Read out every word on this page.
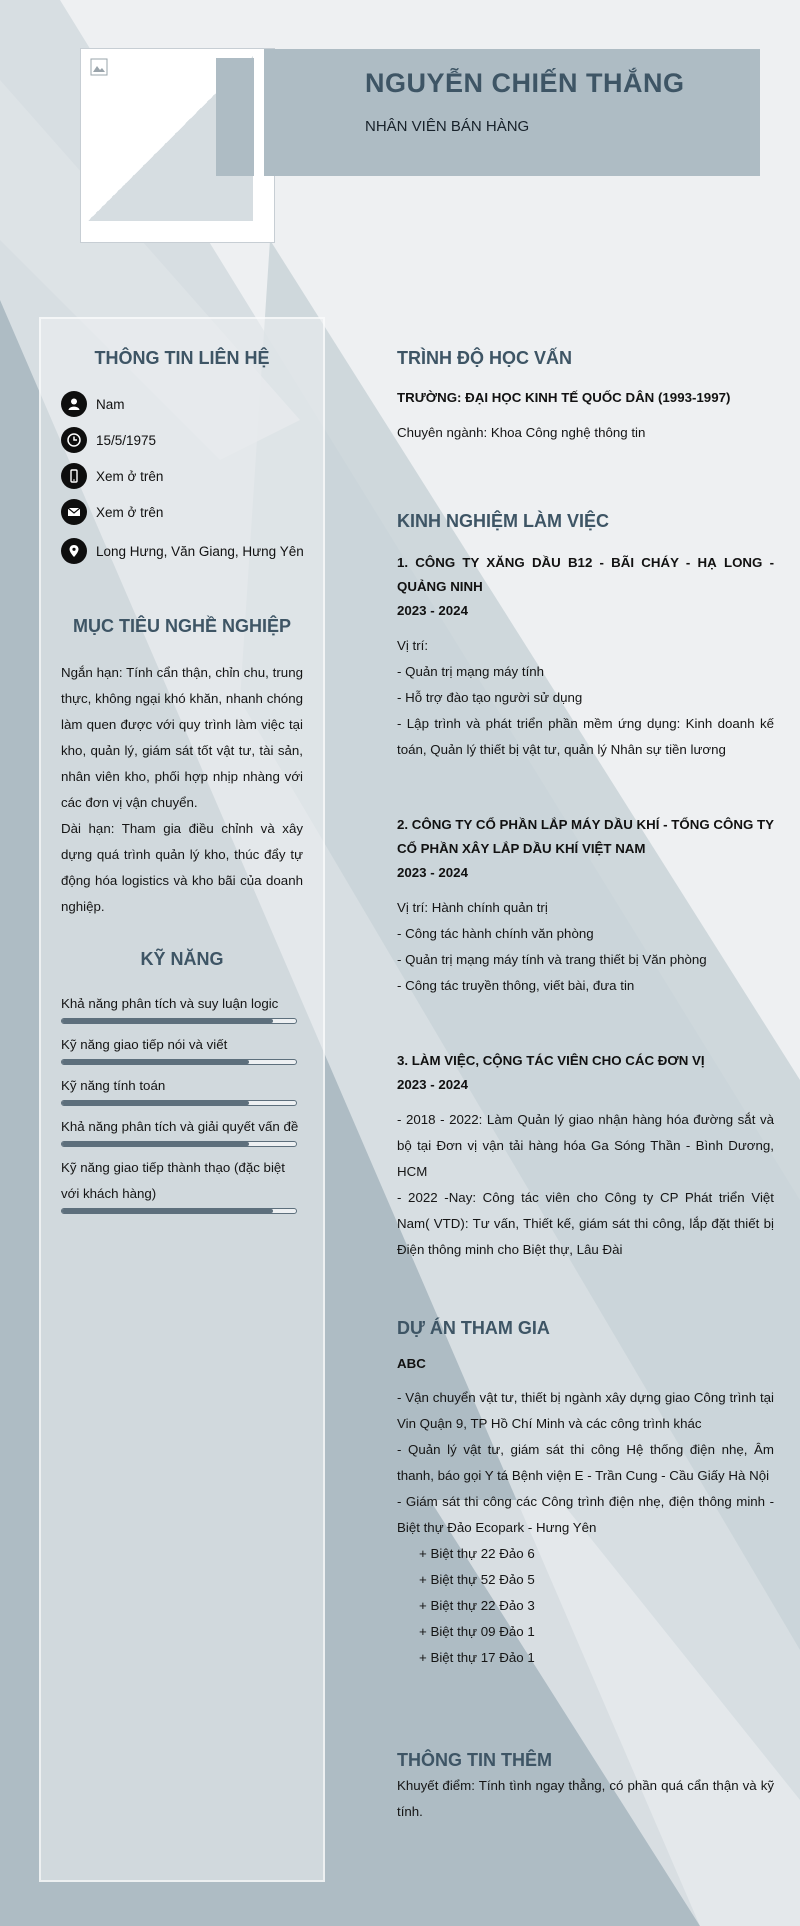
NGUYỄN CHIẾN THẮNG
NHÂN VIÊN BÁN HÀNG
THÔNG TIN LIÊN HỆ
Nam
15/5/1975
Xem ở trên
Xem ở trên
Long Hưng, Văn Giang, Hưng Yên
MỤC TIÊU NGHỀ NGHIỆP
Ngắn hạn: Tính cẩn thận, chỉn chu, trung thực, không ngại khó khăn, nhanh chóng làm quen được với quy trình làm việc tại kho, quản lý, giám sát tốt vật tư, tài sản, nhân viên kho, phối hợp nhịp nhàng với các đơn vị vận chuyển.
Dài hạn: Tham gia điều chỉnh và xây dựng quá trình quản lý kho, thúc đẩy tự động hóa logistics và kho bãi của doanh nghiệp.
KỸ NĂNG
Khả năng phân tích và suy luận logic
Kỹ năng giao tiếp nói và viết
Kỹ năng tính toán
Khả năng phân tích và giải quyết vấn đề
Kỹ năng giao tiếp thành thạo (đặc biệt với khách hàng)
TRÌNH ĐỘ HỌC VẤN
TRƯỜNG: ĐẠI HỌC KINH TẾ QUỐC DÂN (1993-1997)
Chuyên ngành: Khoa Công nghệ thông tin
KINH NGHIỆM LÀM VIỆC
1. CÔNG TY XĂNG DẦU B12 - BÃI CHÁY - HẠ LONG - QUẢNG NINH
2023 - 2024
Vị trí:
- Quản trị mạng máy tính
- Hỗ trợ đào tạo người sử dụng
- Lập trình và phát triển phần mềm ứng dụng: Kinh doanh kế toán, Quản lý thiết bị vật tư, quản lý Nhân sự tiền lương
2. CÔNG TY CỔ PHẦN LẮP MÁY DẦU KHÍ - TỔNG CÔNG TY CỔ PHẦN XÂY LẮP DẦU KHÍ VIỆT NAM
2023 - 2024
Vị trí: Hành chính quản trị
- Công tác hành chính văn phòng
- Quản trị mạng máy tính và trang thiết bị Văn phòng
- Công tác truyền thông, viết bài, đưa tin
3. LÀM VIỆC, CỘNG TÁC VIÊN CHO CÁC ĐƠN VỊ
2023 - 2024
- 2018 - 2022: Làm Quản lý giao nhận hàng hóa đường sắt và bộ tại Đơn vị vận tải hàng hóa Ga Sóng Thần - Bình Dương, HCM
- 2022 -Nay: Công tác viên cho Công ty CP Phát triển Việt Nam( VTD): Tư vấn, Thiết kế, giám sát thi công, lắp đặt thiết bị Điện thông minh cho Biệt thự, Lâu Đài
DỰ ÁN THAM GIA
ABC
- Vận chuyển vật tư, thiết bị ngành xây dựng giao Công trình tại Vin Quận 9, TP Hồ Chí Minh và các công trình khác
- Quản lý vật tư, giám sát thi công Hệ thống điện nhẹ, Âm thanh, báo gọi Y tá Bệnh viện E - Trần Cung - Cầu Giấy Hà Nội
- Giám sát thi công các Công trình điện nhẹ, điện thông minh - Biệt thự Đảo Ecopark - Hưng Yên
+ Biệt thự 22 Đảo 6
+ Biệt thự 52 Đảo 5
+ Biệt thự 22 Đảo 3
+ Biệt thự 09 Đảo 1
+ Biệt thự 17 Đảo 1
THÔNG TIN THÊM
Khuyết điểm: Tính tình ngay thẳng, có phần quá cẩn thận và kỹ tính.
